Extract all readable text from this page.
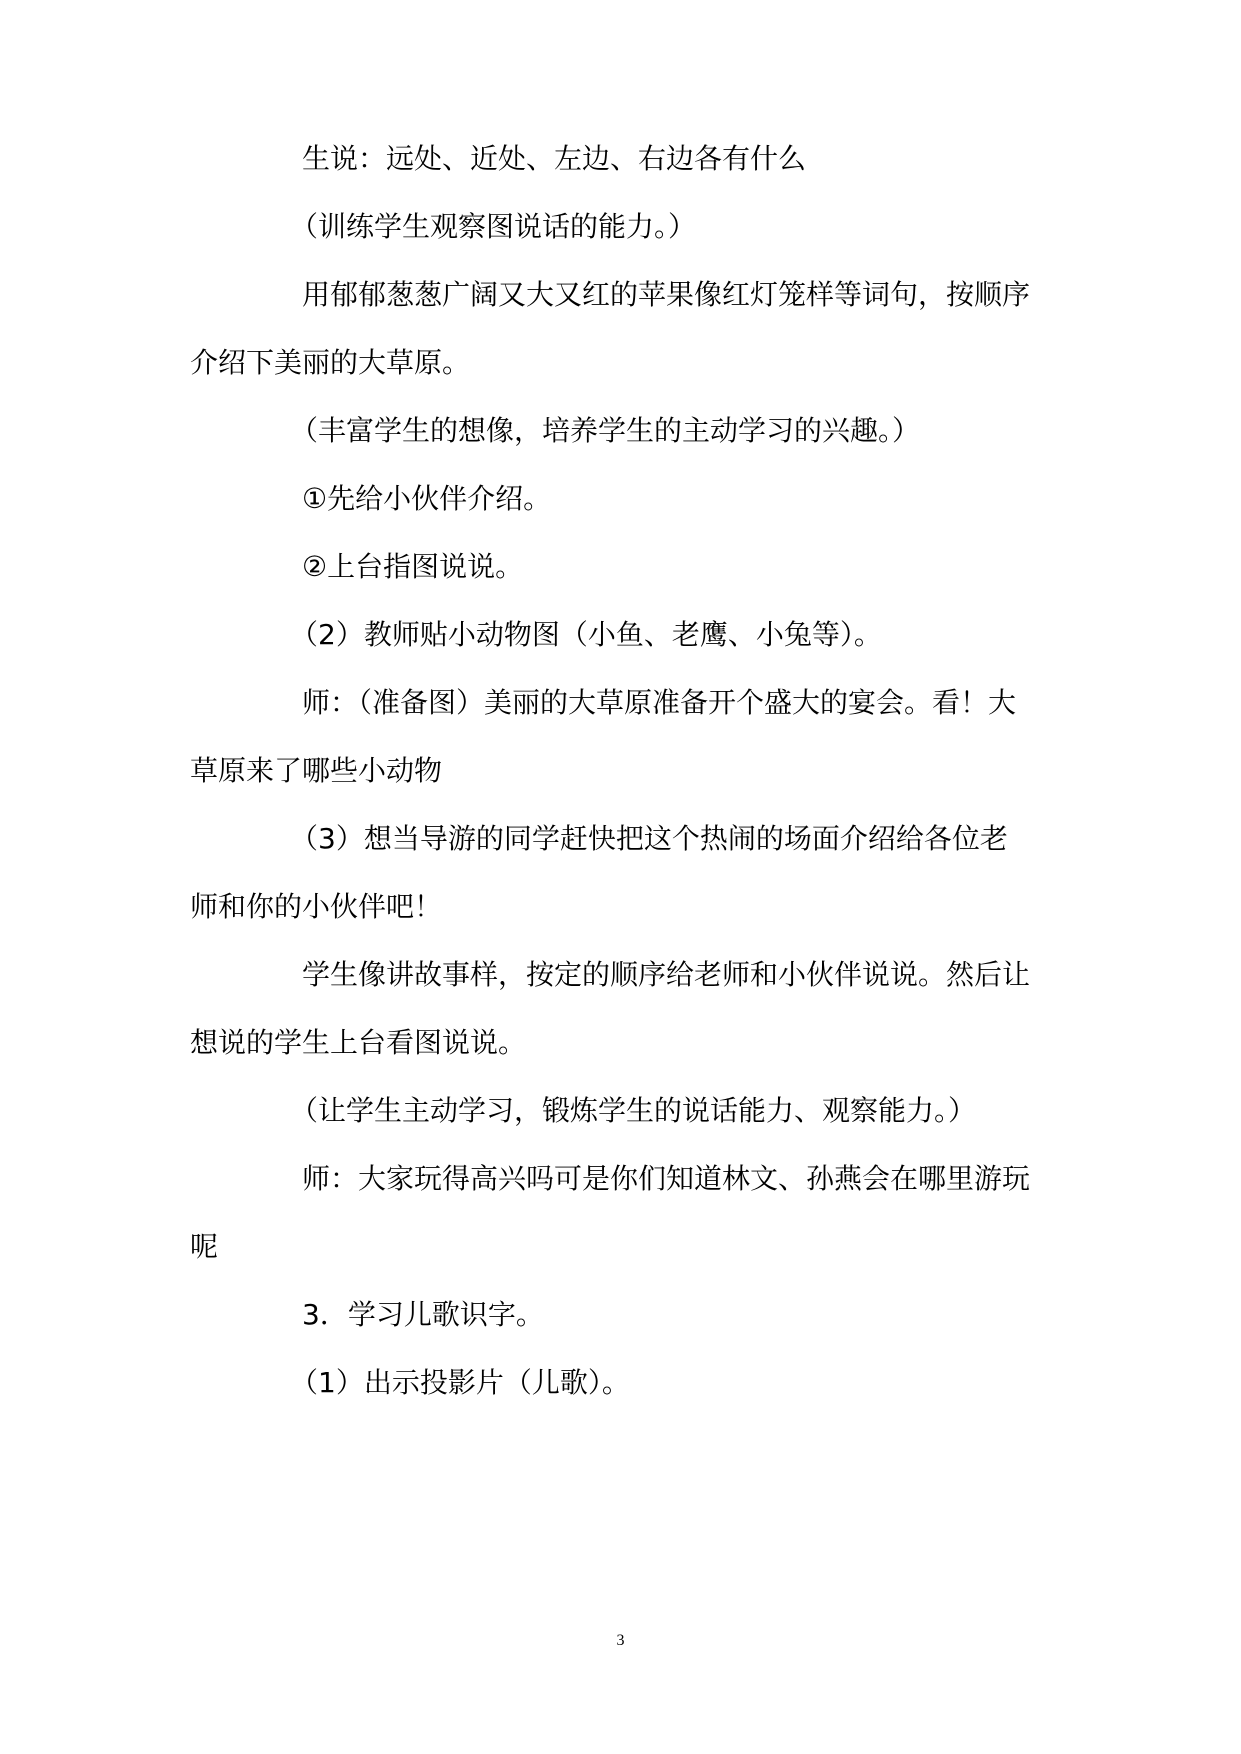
生说：远处、近处、左边、右边各有什么
（训练学生观察图说话的能力。）
用郁郁葱葱广阔又大又红的苹果像红灯笼样等词句，按顺序
介绍下美丽的大草原。
（丰富学生的想像，培养学生的主动学习的兴趣。）
①先给小伙伴介绍。
②上台指图说说。
（2）教师贴小动物图（小鱼、老鹰、小兔等）。
师：（准备图）美丽的大草原准备开个盛大的宴会。看！大
草原来了哪些小动物
（3）想当导游的同学赶快把这个热闹的场面介绍给各位老
师和你的小伙伴吧！
学生像讲故事样，按定的顺序给老师和小伙伴说说。然后让
想说的学生上台看图说说。
（让学生主动学习，锻炼学生的说话能力、观察能力。）
师：大家玩得高兴吗可是你们知道林文、孙燕会在哪里游玩
呢
3．学习儿歌识字。
（1）出示投影片（儿歌）。
3
